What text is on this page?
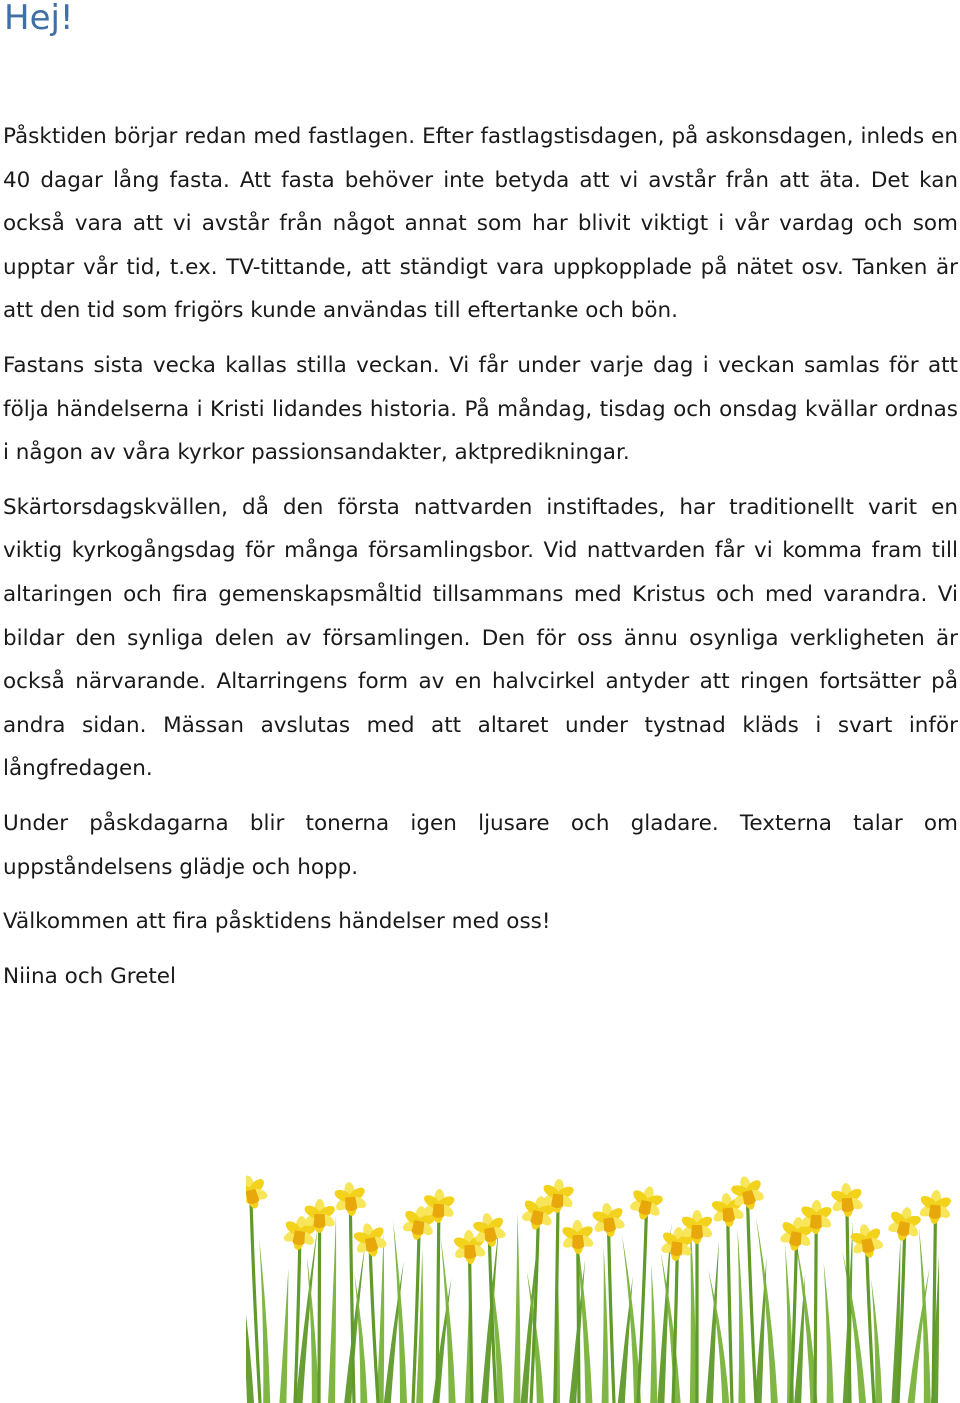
Hej!

Påsktiden börjar redan med fastlagen. Efter fastlagstisdagen, på askonsdagen, inleds en 40 dagar lång fasta. Att fasta behöver inte betyda att vi avstår från att äta. Det kan också vara att vi avstår från något annat som har blivit viktigt i vår vardag och som upptar vår tid, t.ex. TV-tittande, att ständigt vara uppkopplade på nätet osv. Tanken är att den tid som frigörs kunde användas till eftertanke och bön.

Fastans sista vecka kallas stilla veckan. Vi får under varje dag i veckan samlas för att följa händelserna i Kristi lidandes historia. På måndag, tisdag och onsdag kvällar ordnas i någon av våra kyrkor passionsandakter, aktpredikningar.

Skärtorsdagskvällen, då den första nattvarden instiftades, har traditionellt varit en viktig kyrkogångsdag för många församlingsbor. Vid nattvarden får vi komma fram till altaringen och fira gemenskapsmåltid tillsammans med Kristus och med varandra. Vi bildar den synliga delen av församlingen. Den för oss ännu osynliga verkligheten är också närvarande. Altarringens form av en halvcirkel antyder att ringen fortsätter på andra sidan. Mässan avslutas med att altaret under tystnad kläds i svart inför långfredagen.

Under påskdagarna blir tonerna igen ljusare och gladare. Texterna talar om uppståndelsens glädje och hopp.

Välkommen att fira påsktidens händelser med oss!

Niina och Gretel
